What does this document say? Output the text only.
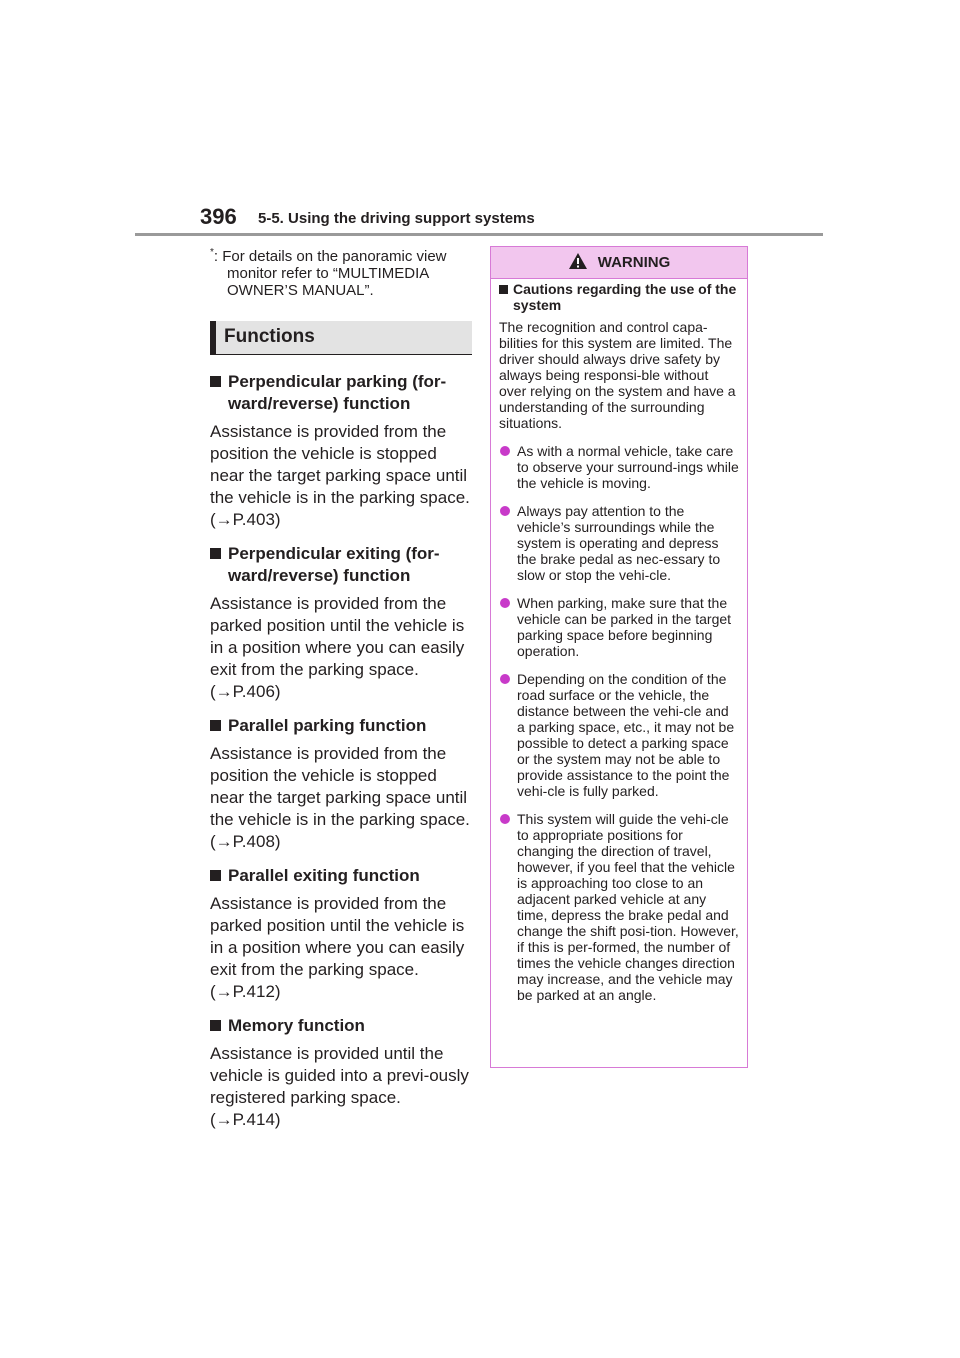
396 5-5. Using the driving support systems

*: For details on the panoramic view monitor refer to “MULTIMEDIA OWNER’S MANUAL”.

Functions

Perpendicular parking (for-ward/reverse) function

Assistance is provided from the position the vehicle is stopped near the target parking space until the vehicle is in the parking space. (→P.403)

Perpendicular exiting (for-ward/reverse) function

Assistance is provided from the parked position until the vehicle is in a position where you can easily exit from the parking space. (→P.406)

Parallel parking function

Assistance is provided from the position the vehicle is stopped near the target parking space until the vehicle is in the parking space. (→P.408)

Parallel exiting function

Assistance is provided from the parked position until the vehicle is in a position where you can easily exit from the parking space. (→P.412)

Memory function

Assistance is provided until the vehicle is guided into a previ-ously registered parking space. (→P.414)

WARNING

Cautions regarding the use of the system

The recognition and control capa-bilities for this system are limited. The driver should always drive safety by always being responsi-ble without over relying on the system and have a understanding of the surrounding situations.

As with a normal vehicle, take care to observe your surround-ings while the vehicle is moving.

Always pay attention to the vehicle’s surroundings while the system is operating and depress the brake pedal as nec-essary to slow or stop the vehi-cle.

When parking, make sure that the vehicle can be parked in the target parking space before beginning operation.

Depending on the condition of the road surface or the vehicle, the distance between the vehi-cle and a parking space, etc., it may not be possible to detect a parking space or the system may not be able to provide assistance to the point the vehi-cle is fully parked.

This system will guide the vehi-cle to appropriate positions for changing the direction of travel, however, if you feel that the vehicle is approaching too close to an adjacent parked vehicle at any time, depress the brake pedal and change the shift posi-tion. However, if this is per-formed, the number of times the vehicle changes direction may increase, and the vehicle may be parked at an angle.
